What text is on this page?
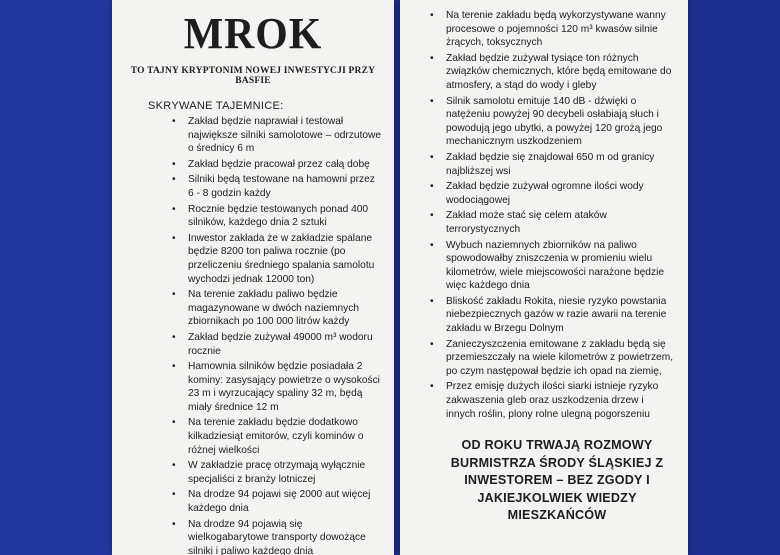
MROK
TO TAJNY KRYPTONIM NOWEJ INWESTYCJI PRZY BASFIE
SKRYWANE TAJEMNICE:
• Zakład będzie naprawiał i testował największe silniki samolotowe – odrzutowe o średnicy 6 m
• Zakład będzie pracował przez całą dobę
• Silniki będą testowane na hamowni przez 6 - 8 godzin każdy
• Rocznie będzie testowanych ponad 400 silników, każdego dnia 2 sztuki
• Inwestor zakłada że w zakładzie spalane będzie 8200 ton paliwa rocznie (po przeliczeniu średniego spalania samolotu wychodzi jednak 12000 ton)
• Na terenie zakładu paliwo będzie magazynowane w dwóch naziemnych zbiornikach po 100 000 litrów każdy
• Zakład będzie zużywał 49000 m³ wodoru rocznie
• Hamownia silników będzie posiadała 2 kominy: zasysający powietrze o wysokości 23 m i wyrzucający spaliny 32 m, będą miały średnice 12 m
• Na terenie zakładu będzie dodatkowo kilkadziesiąt emitorów, czyli kominów o różnej wielkości
• W zakładzie pracę otrzymają wyłącznie specjaliści z branży lotniczej
• Na drodze 94 pojawi się 2000 aut więcej każdego dnia
• Na drodze 94 pojawią się wielkogabarytowe transporty dowożące silniki i paliwo każdego dnia
• Na terenie zakładu będą wykorzystywane wanny procesowe o pojemności 120 m³ kwasów silnie żrących, toksycznych
• Zakład będzie zużywał tysiące ton różnych związków chemicznych, które będą emitowane do atmosfery, a stąd do wody i gleby
• Silnik samolotu emituje 140 dB - dźwięki o natężeniu powyżej 90 decybeli osłabiają słuch i powodują jego ubytki, a powyżej 120 grożą jego mechanicznym uszkodzeniem
• Zakład będzie się znajdował 650 m od granicy najbliższej wsi
• Zakład będzie zużywał ogromne ilości wody wodociągowej
• Zakład może stać się celem ataków terrorystycznych
• Wybuch naziemnych zbiorników na paliwo spowodowałby zniszczenia w promieniu wielu kilometrów, wiele miejscowości narażone będzie więc każdego dnia
• Bliskość zakładu Rokita, niesie ryzyko powstania niebezpiecznych gazów w razie awarii na terenie zakładu w Brzegu Dolnym
• Zanieczyszczenia emitowane z zakładu będą się przemieszczały na wiele kilometrów z powietrzem, po czym następował będzie ich opad na ziemię,
• Przez emisję dużych ilości siarki istnieje ryzyko zakwaszenia gleb oraz uszkodzenia drzew i innych roślin, plony rolne ulegną pogorszeniu
OD ROKU TRWAJĄ ROZMOWY BURMISTRZA ŚRODY ŚLĄSKIEJ Z INWESTOREM – BEZ ZGODY I JAKIEJKOLWIEK WIEDZY MIESZKAŃCÓW
